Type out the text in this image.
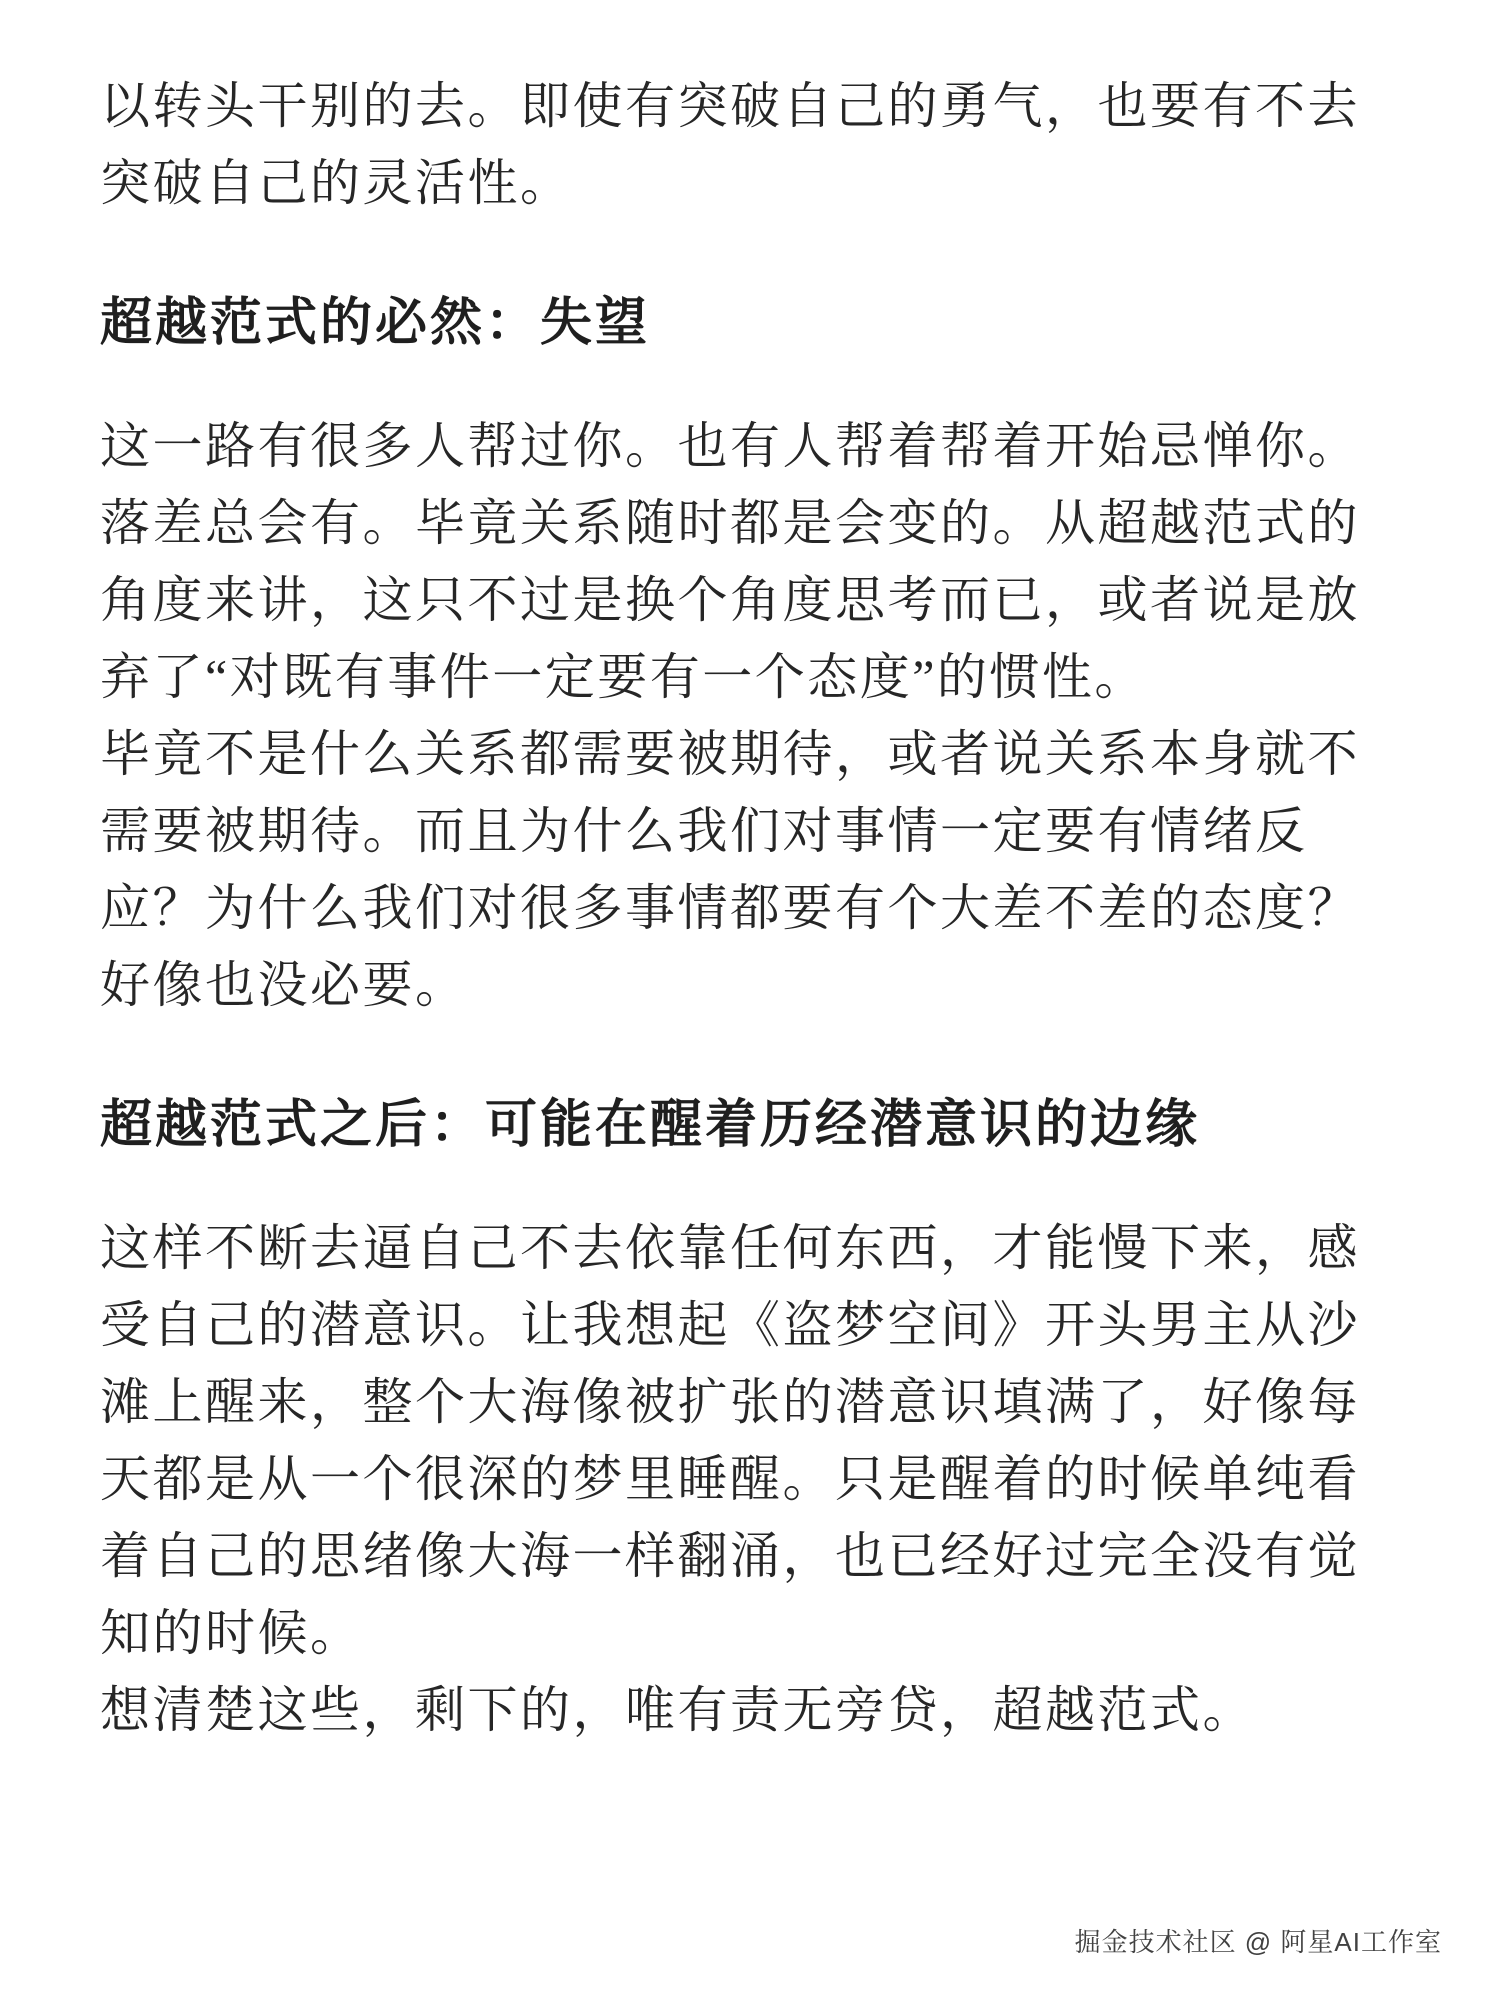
以转头干别的去。即使有突破自己的勇气，也要有不去突破自己的灵活性。

超越范式的必然：失望

这一路有很多人帮过你。也有人帮着帮着开始忌惮你。落差总会有。毕竟关系随时都是会变的。从超越范式的角度来讲，这只不过是换个角度思考而已，或者说是放弃了“对既有事件一定要有一个态度”的惯性。

毕竟不是什么关系都需要被期待，或者说关系本身就不需要被期待。而且为什么我们对事情一定要有情绪反应？为什么我们对很多事情都要有个大差不差的态度？好像也没必要。

超越范式之后：可能在醒着历经潜意识的边缘

这样不断去逼自己不去依靠任何东西，才能慢下来，感受自己的潜意识。让我想起《盗梦空间》开头男主从沙滩上醒来，整个大海像被扩张的潜意识填满了，好像每天都是从一个很深的梦里睡醒。只是醒着的时候单纯看着自己的思绪像大海一样翻涌，也已经好过完全没有觉知的时候。

想清楚这些，剩下的，唯有责无旁贷，超越范式。

掘金技术社区 @ 阿星AI工作室
